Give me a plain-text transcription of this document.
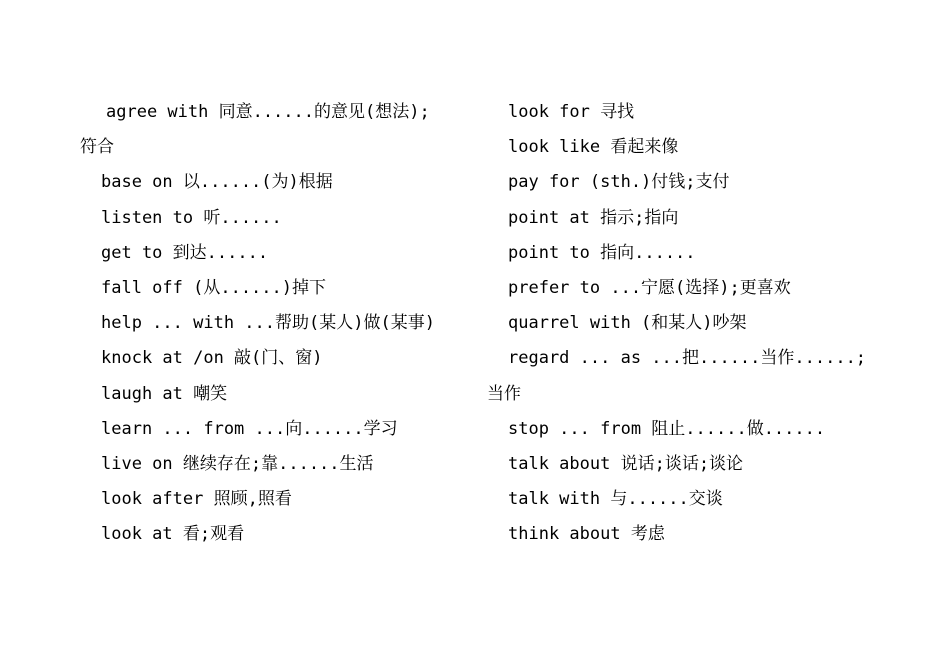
agree with 同意......的意见(想法);
符合
base on 以......(为)根据
listen to 听......
get to 到达......
fall off (从......)掉下
help ... with ...帮助(某人)做(某事)
knock at /on 敲(门、窗)
laugh at 嘲笑
learn ... from ...向......学习
live on 继续存在;靠......生活
look after 照顾,照看
look at 看;观看
look for 寻找
look like 看起来像
pay for (sth.)付钱;支付
point at 指示;指向
point to 指向......
prefer to ...宁愿(选择);更喜欢
quarrel with (和某人)吵架
regard ... as ...把......当作......;
当作
stop ... from 阻止......做......
talk about 说话;谈话;谈论
talk with 与......交谈
think about 考虑
